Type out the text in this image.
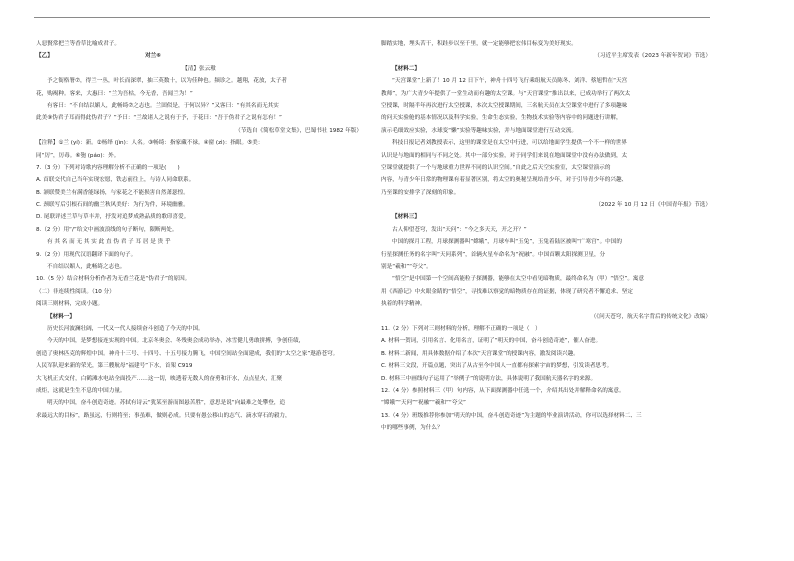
人惡賢常把兰等香草比喻成君子。
【乙】　　　　　　　　　　　　　　　　　对兰⑥
【清】张云璈
予之衙格署⑦，得兰一丛，叶长而深翠，抽三英数十，以为佳种也。频诊之。越翔，花放，太子者
花，购褐种。客来，大惠曰：“兰为吾枯，今无香，吾闻兰为！”
有客曰：“不自结以媚人，此畅绮⑦之志也。兰固似是，于何以异？”又客曰：“有其名而无其实
此美⑨伪君子耳而得此伪君子？”予曰：“兰故诸人之说有于予，于花曰：“吾于伪君子之说有怎有！”
（节选自《简松草堂文集》，巴蜀书社 1982 年版）
【注释】①兰 (yí)：新。②杨绎 (jìn)：人名。③畅绮：指家藏不禄。④窗 (zì)：指眼。⑤美：
同“厉”，厉毒。⑥匏 (páo)：外。
7.（3 分）下列对诗歌内容理解分析不正确的一项是(　　)
A. 首联交代自己当年实现宏愿，铁志前往上，与诗人同命联系。
B. 颔联赞美兰有满香能绿扬，与家花之不能损害自然萧瑟惶。
C. 颈联写后引根石间的幽兰秋风美好：为行为件，环境幽雅。
D. 尾联评述兰草与草丰并，抒发对追梦成熟品质的歌印喜爱。
8.（2 分）用“/”给文中画波浪线的句子断句，限断两处。
有 其 名 而 无 其 实 此 直 伪 君 子 耳 居 是 贵 乎
9.（2 分）用现代汉语翻译下面的句子。
不自结以媚人，此畅绮之志也。
10.（5 分）结合材料分析作者为无香兰花是“伪君子”的原因。
（二）非连续性阅读。（10 分）
阅读三则材料，完成小题。
【材料一】
历史长河波澜壮阔，一代又一代人接续奋斗创造了今天的中国。
今天的中国，是梦想接连实现的中国。北京冬奥会、冬残奥会成功举办，冰雪健儿勇敢拼搏，争创佳绩，
创造了奥林匹克的辉煌中国。神舟十三号、十四号、十五号接力腾飞，中国空间站全面建成，我们的“太空之家”遨游苍穹。
人民军队迎来新的荣光，第三艘航母“福建号”下水，首架 C919
大飞机正式交付，白鹤滩水电站全面投产……这一切，映透着无数人的奋勇和汗水，点点星火，汇聚
成炬，这就是生生不息的中国力量。
明天的中国，奋斗创造奇迹。苏轼有诗云“犹某至游而图悬苦胜”，意思是说“向最难之处攀登，追
求最远大的目标”，路虽远，行则将至；事虽难，做则必成。只要有愚公移山的志气、滴水穿石的毅力，
脚踏实地，埋头苦干，积跬步以至千里，就一定能够把宏伟目标变为美好现实。
（习近平主席发表《2023 年新年贺词》节选）
【材料二】
“天宫课堂”上新了！10 月 12 日下午，神舟十四号飞行乘组航天员陈冬、刘洋、蔡旭哲在“天宫
教师”，为广大青少年提供了一堂生动而有趣的太空课。与“天宫课堂”推出以来，已成功举行了两次太
空授课，时隔半年再次进行太空授课，本次太空授课期间，三名航天员在太空课堂中进行了多项趣味
的问天实验舱的基本情况以及科学实验，生命生态实验，生物技术实验等内容中的问题进行讲解，
演示毛细效应实验，水球变“懒”实验等趣味实验，并与地面课堂进行互动交流。
科技日报记者刘教授表示，这里的课堂是在太空中行进，可以给地面学生提供一个不一样的世界
认识是与地面的相同与不同之处。其中一部分实验，对于同学们来说在地面课堂中没有办法做到，太
空课堂就提供了一个与地球重力世界不同的认识空间。”自此之后天空实验室，太空课堂演示的
内容，与青少年日常的物理课有着显著区别，将太空的奥秘呈现给青少年，对于引导青少年的兴趣、
乃至课的安排学了深刻的印象。
（2022 年 10 月 12 日《中国青年报》节选）
【材料三】
古人仰望苍穹，发出“天问”：“今之多天天，开之开？”
中国的探月工程，月球探测器叫“嫦娥”，月球车叫“玉兔”，玉兔着陆区被叫“广寒宫”。中国的
行星探测任务的名字叫“天问系列”，首辆火星车命名为“祝融”。中国首颗太阳探测卫星，分
别是“羲和”“夸父”。
“悟空”是中国第一个空间高能粒子探测器，能够在太空中看见暗物质，最终命名为（甲）“悟空”。寓意
用《西游记》中火眼金睛的“悟空”，寻找难以察觉的暗物质存在的证据，体现了研究者不懈追求、坚定
执着的科学精神。
（《问天苍穹，航天名字背后的传统文化》改编）
11.（2 分）下列对三则材料的分析，理解不正确的一项是（　）
A. 材料一贺词，引用名言、化用名言，证明了“明天的中国，奋斗创造奇迹”，催人奋进。
B. 材料二新闻，用具体数据介绍了本次“天宫课堂”的授课内容，激发阅读兴趣。
C. 材料三文段，开篇点题，突出了从古至今中国人一直都有探索宇宙的梦想，引发读者思考。
D. 材料三中画线句子运用了“举例子”的说明方法，具体说明了我国航天器名字的来源。
12.（4 分）参照材料三（甲）句内容，从下面探测器中任选一个，介绍其出处并解释命名的寓意。
“嫦娥”“天问”“祝融”“羲和”“夸父”
13.（4 分）班级推荐你参加“明天的中国，奋斗创造奇迹”为主题的毕业演讲活动，你可以选择材料二、三
中的哪些事例，为什么？
